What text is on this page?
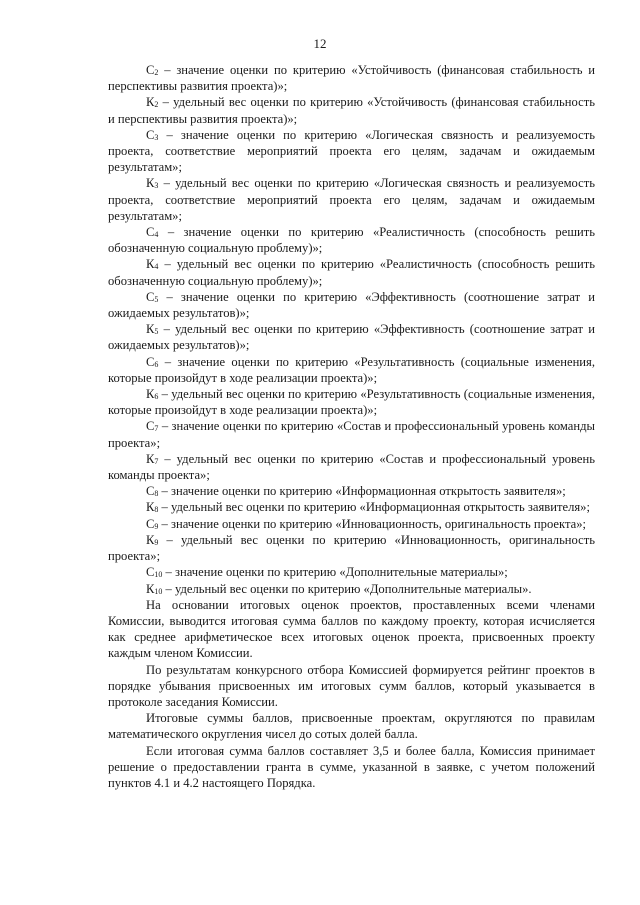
12

$С_2$ – значение оценки по критерию «Устойчивость (финансовая стабильность и перспективы развития проекта)»;

$К_2$ – удельный вес оценки по критерию «Устойчивость (финансовая стабильность и перспективы развития проекта)»;

$С_3$ – значение оценки по критерию «Логическая связность и реализуемость проекта, соответствие мероприятий проекта его целям, задачам и ожидаемым результатам»;

$К_3$ – удельный вес оценки по критерию «Логическая связность и реализуемость проекта, соответствие мероприятий проекта его целям, задачам и ожидаемым результатам»;

$С_4$ – значение оценки по критерию «Реалистичность (способность решить обозначенную социальную проблему)»;

$К_4$ – удельный вес оценки по критерию «Реалистичность (способность решить обозначенную социальную проблему)»;

$С_5$ – значение оценки по критерию «Эффективность (соотношение затрат и ожидаемых результатов)»;

$К_5$ – удельный вес оценки по критерию «Эффективность (соотношение затрат и ожидаемых результатов)»;

$С_6$ – значение оценки по критерию «Результативность (социальные изменения, которые произойдут в ходе реализации проекта)»;

$К_6$ – удельный вес оценки по критерию «Результативность (социальные изменения, которые произойдут в ходе реализации проекта)»;

$С_7$ – значение оценки по критерию «Состав и профессиональный уровень команды проекта»;

$К_7$ – удельный вес оценки по критерию «Состав и профессиональный уровень команды проекта»;

$С_8$ – значение оценки по критерию «Информационная открытость заявителя»;

$К_8$ – удельный вес оценки по критерию «Информационная открытость заявителя»;

$С_9$ – значение оценки по критерию «Инновационность, оригинальность проекта»;

$К_9$ – удельный вес оценки по критерию «Инновационность, оригинальность проекта»;

$С_{10}$ – значение оценки по критерию «Дополнительные материалы»;

$К_{10}$ – удельный вес оценки по критерию «Дополнительные материалы».

На основании итоговых оценок проектов, проставленных всеми членами Комиссии, выводится итоговая сумма баллов по каждому проекту, которая исчисляется как среднее арифметическое всех итоговых оценок проекта, присвоенных проекту каждым членом Комиссии.

По результатам конкурсного отбора Комиссией формируется рейтинг проектов в порядке убывания присвоенных им итоговых сумм баллов, который указывается в протоколе заседания Комиссии.

Итоговые суммы баллов, присвоенные проектам, округляются по правилам математического округления чисел до сотых долей балла.

Если итоговая сумма баллов составляет 3,5 и более балла, Комиссия принимает решение о предоставлении гранта в сумме, указанной в заявке, с учетом положений пунктов 4.1 и 4.2 настоящего Порядка.
